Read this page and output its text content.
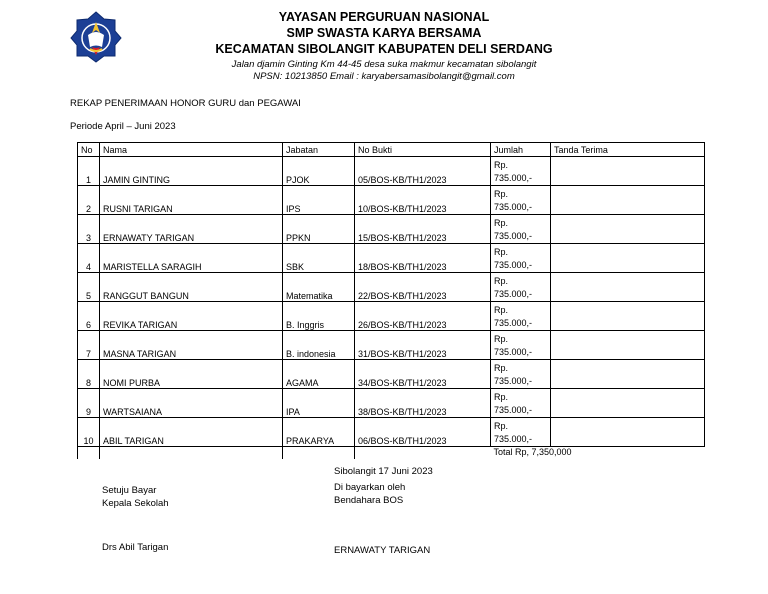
YAYASAN PERGURUAN NASIONAL
SMP SWASTA KARYA BERSAMA
KECAMATAN SIBOLANGIT KABUPATEN DELI SERDANG
Jalan djamin Ginting Km 44-45 desa suka makmur kecamatan sibolangit
NPSN: 10213850 Email : karyabersamasibolangit@gmail.com
REKAP PENERIMAAN HONOR GURU dan PEGAWAI
Periode April – Juni 2023
No	Nama	Jabatan	No Bukti	Jumlah	Tanda Terima
1	JAMIN GINTING	PJOK	05/BOS-KB/TH1/2023	Rp.
735.000,-	
2	RUSNI TARIGAN	IPS	10/BOS-KB/TH1/2023	Rp.
735.000,-	
3	ERNAWATY TARIGAN	PPKN	15/BOS-KB/TH1/2023	Rp.
735.000,-	
4	MARISTELLA SARAGIH	SBK	18/BOS-KB/TH1/2023	Rp.
735.000,-	
5	RANGGUT BANGUN	Matematika	22/BOS-KB/TH1/2023	Rp.
735.000,-	
6	REVIKA TARIGAN	B. Inggris	26/BOS-KB/TH1/2023	Rp.
735.000,-	
7	MASNA TARIGAN	B. indonesia	31/BOS-KB/TH1/2023	Rp.
735.000,-	
8	NOMI PURBA	AGAMA	34/BOS-KB/TH1/2023	Rp.
735.000,-	
9	WARTSAIANA	IPA	38/BOS-KB/TH1/2023	Rp.
735.000,-	
10	ABIL TARIGAN	PRAKARYA	06/BOS-KB/TH1/2023	Rp.
735.000,-	
				Total Rp, 7,350,000	
Setuju Bayar
Kepala Sekolah
Drs Abil Tarigan
Sibolangit 17 Juni 2023
Di bayarkan oleh
Bendahara BOS
ERNAWATY TARIGAN
